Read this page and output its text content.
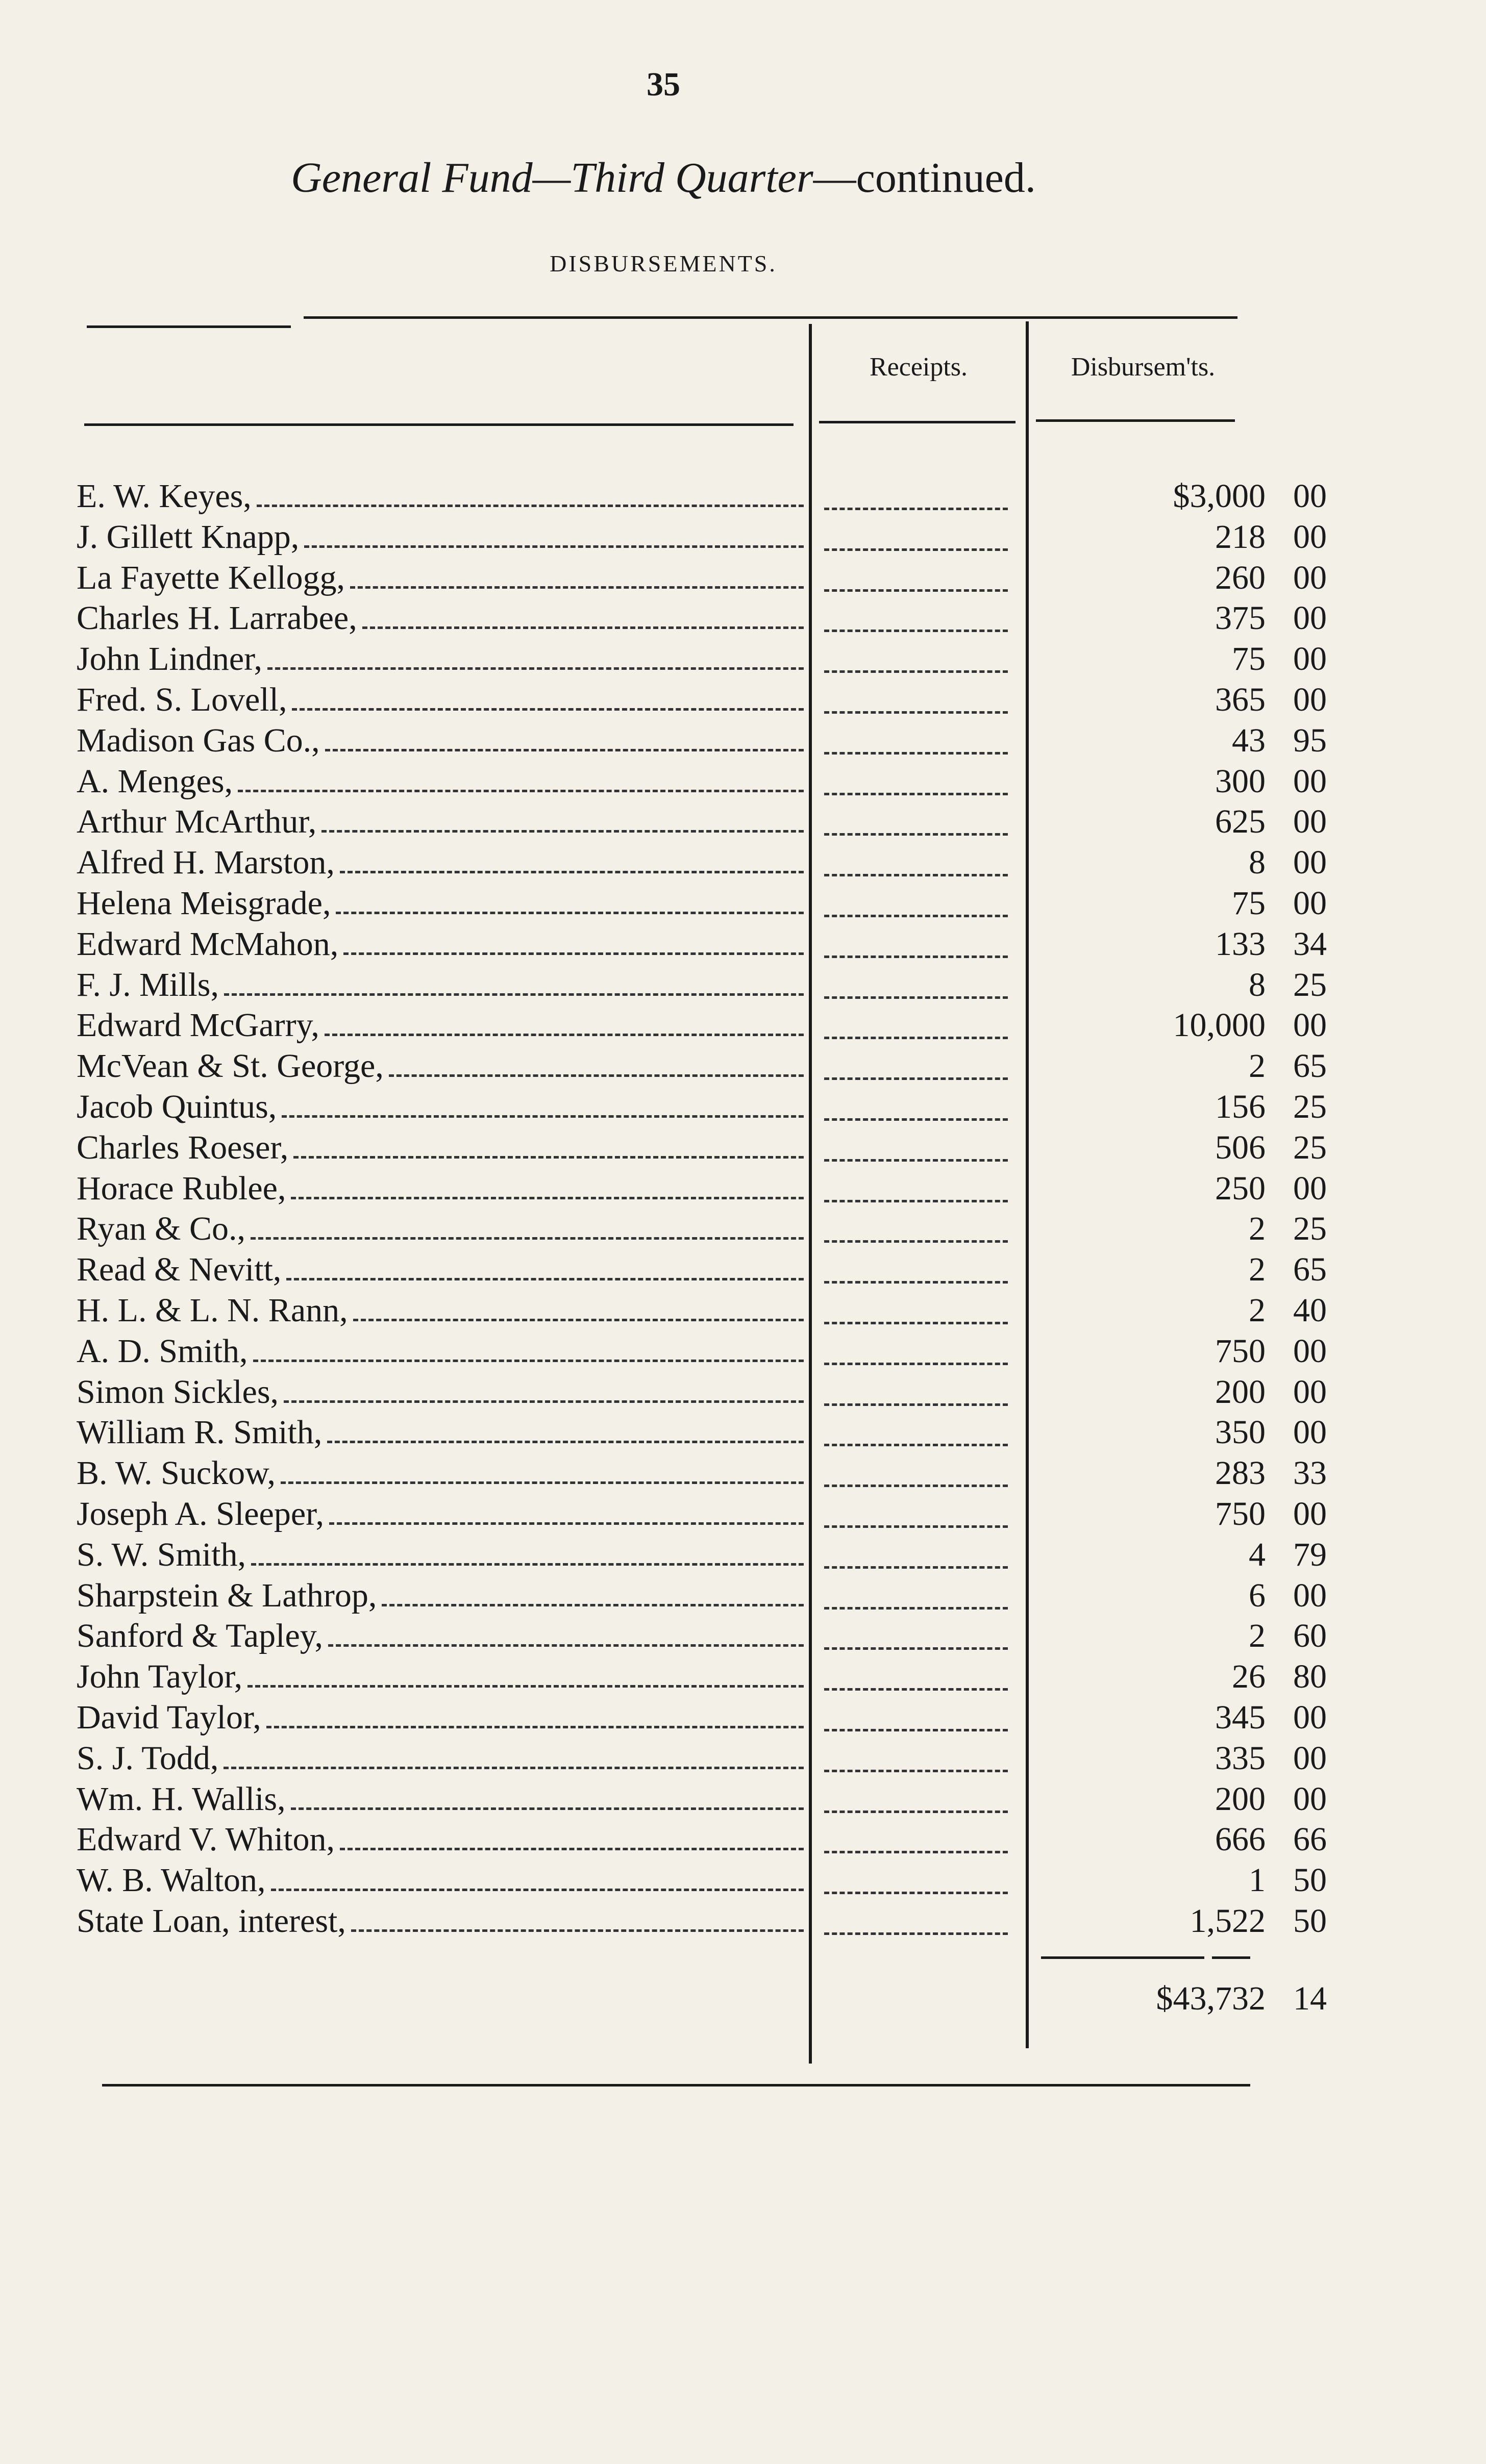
35
General Fund—Third Quarter—continued.
DISBURSEMENTS.
Receipts.	Disbursem'ts.
E. W. Keyes,	$3,000 00
J. Gillett Knapp,	218 00
La Fayette Kellogg,	260 00
Charles H. Larrabee,	375 00
John Lindner,	75 00
Fred. S. Lovell,	365 00
Madison Gas Co.,	43 95
A. Menges,	300 00
Arthur McArthur,	625 00
Alfred H. Marston,	8 00
Helena Meisgrade,	75 00
Edward McMahon,	133 34
F. J. Mills,	8 25
Edward McGarry,	10,000 00
McVean & St. George,	2 65
Jacob Quintus,	156 25
Charles Roeser,	506 25
Horace Rublee,	250 00
Ryan & Co.,	2 25
Read & Nevitt,	2 65
H. L. & L. N. Rann,	2 40
A. D. Smith,	750 00
Simon Sickles,	200 00
William R. Smith,	350 00
B. W. Suckow,	283 33
Joseph A. Sleeper,	750 00
S. W. Smith,	4 79
Sharpstein & Lathrop,	6 00
Sanford & Tapley,	2 60
John Taylor,	26 80
David Taylor,	345 00
S. J. Todd,	335 00
Wm. H. Wallis,	200 00
Edward V. Whiton,	666 66
W. B. Walton,	1 50
State Loan, interest,	1,522 50
$43,732 14
